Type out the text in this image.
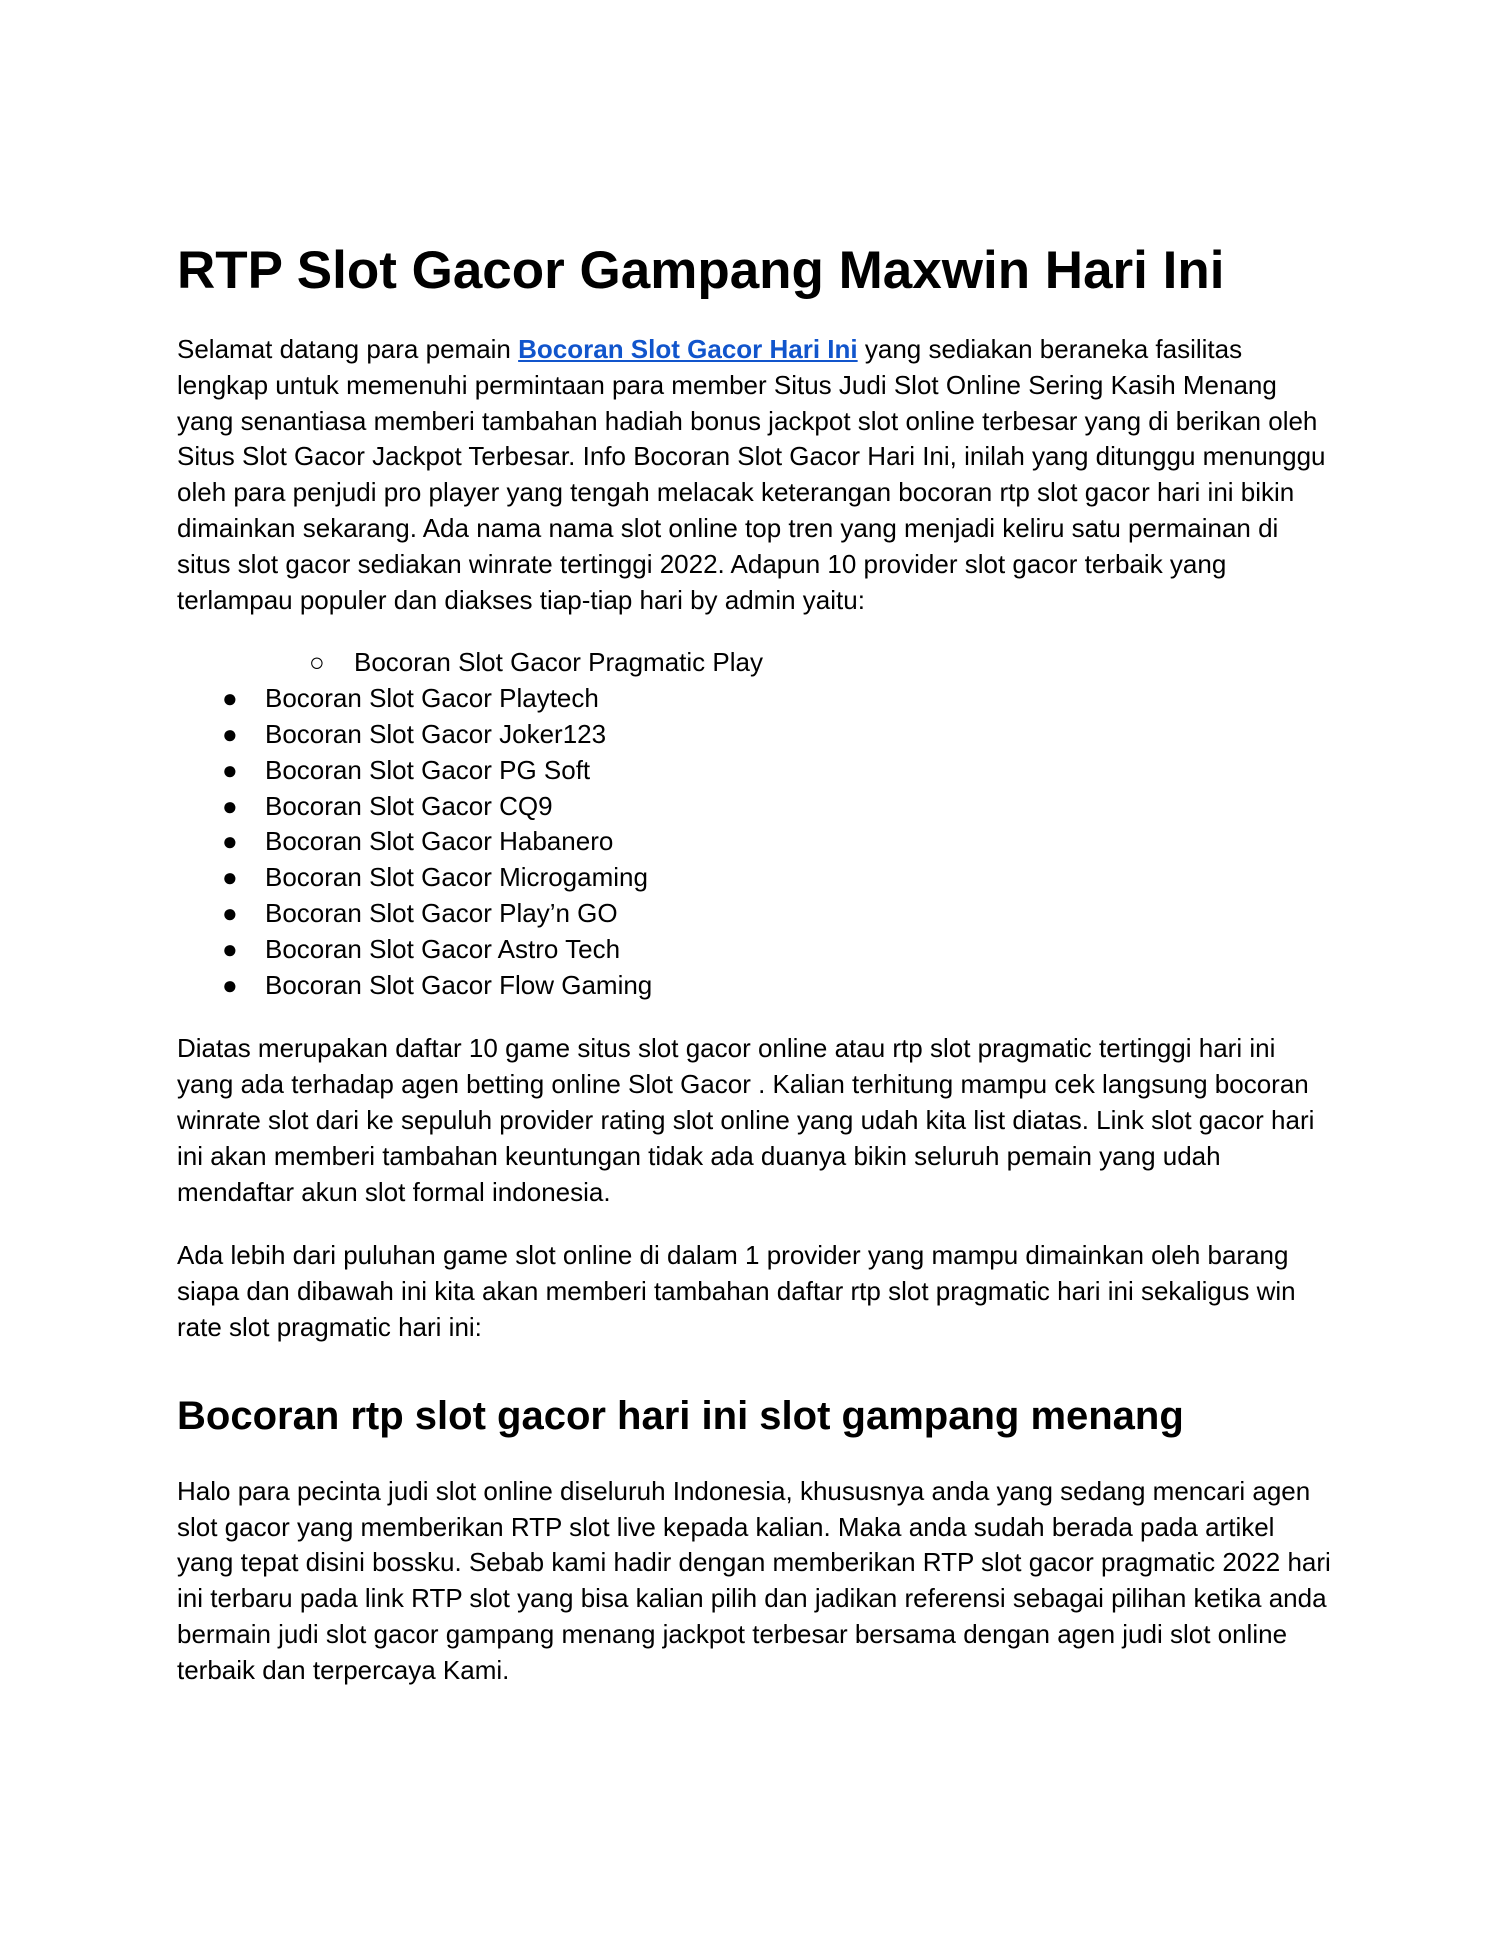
RTP Slot Gacor Gampang Maxwin Hari Ini

Selamat datang para pemain Bocoran Slot Gacor Hari Ini yang sediakan beraneka fasilitas lengkap untuk memenuhi permintaan para member Situs Judi Slot Online Sering Kasih Menang yang senantiasa memberi tambahan hadiah bonus jackpot slot online terbesar yang di berikan oleh Situs Slot Gacor Jackpot Terbesar. Info Bocoran Slot Gacor Hari Ini, inilah yang ditunggu menunggu oleh para penjudi pro player yang tengah melacak keterangan bocoran rtp slot gacor hari ini bikin dimainkan sekarang. Ada nama nama slot online top tren yang menjadi keliru satu permainan di situs slot gacor sediakan winrate tertinggi 2022. Adapun 10 provider slot gacor terbaik yang terlampau populer dan diakses tiap-tiap hari by admin yaitu:

○ Bocoran Slot Gacor Pragmatic Play
● Bocoran Slot Gacor Playtech
● Bocoran Slot Gacor Joker123
● Bocoran Slot Gacor PG Soft
● Bocoran Slot Gacor CQ9
● Bocoran Slot Gacor Habanero
● Bocoran Slot Gacor Microgaming
● Bocoran Slot Gacor Play’n GO
● Bocoran Slot Gacor Astro Tech
● Bocoran Slot Gacor Flow Gaming

Diatas merupakan daftar 10 game situs slot gacor online atau rtp slot pragmatic tertinggi hari ini yang ada terhadap agen betting online Slot Gacor . Kalian terhitung mampu cek langsung bocoran winrate slot dari ke sepuluh provider rating slot online yang udah kita list diatas. Link slot gacor hari ini akan memberi tambahan keuntungan tidak ada duanya bikin seluruh pemain yang udah mendaftar akun slot formal indonesia.

Ada lebih dari puluhan game slot online di dalam 1 provider yang mampu dimainkan oleh barang siapa dan dibawah ini kita akan memberi tambahan daftar rtp slot pragmatic hari ini sekaligus win rate slot pragmatic hari ini:

Bocoran rtp slot gacor hari ini slot gampang menang

Halo para pecinta judi slot online diseluruh Indonesia, khususnya anda yang sedang mencari agen slot gacor yang memberikan RTP slot live kepada kalian. Maka anda sudah berada pada artikel yang tepat disini bossku. Sebab kami hadir dengan memberikan RTP slot gacor pragmatic 2022 hari ini terbaru pada link RTP slot yang bisa kalian pilih dan jadikan referensi sebagai pilihan ketika anda bermain judi slot gacor gampang menang jackpot terbesar bersama dengan agen judi slot online terbaik dan terpercaya Kami.
